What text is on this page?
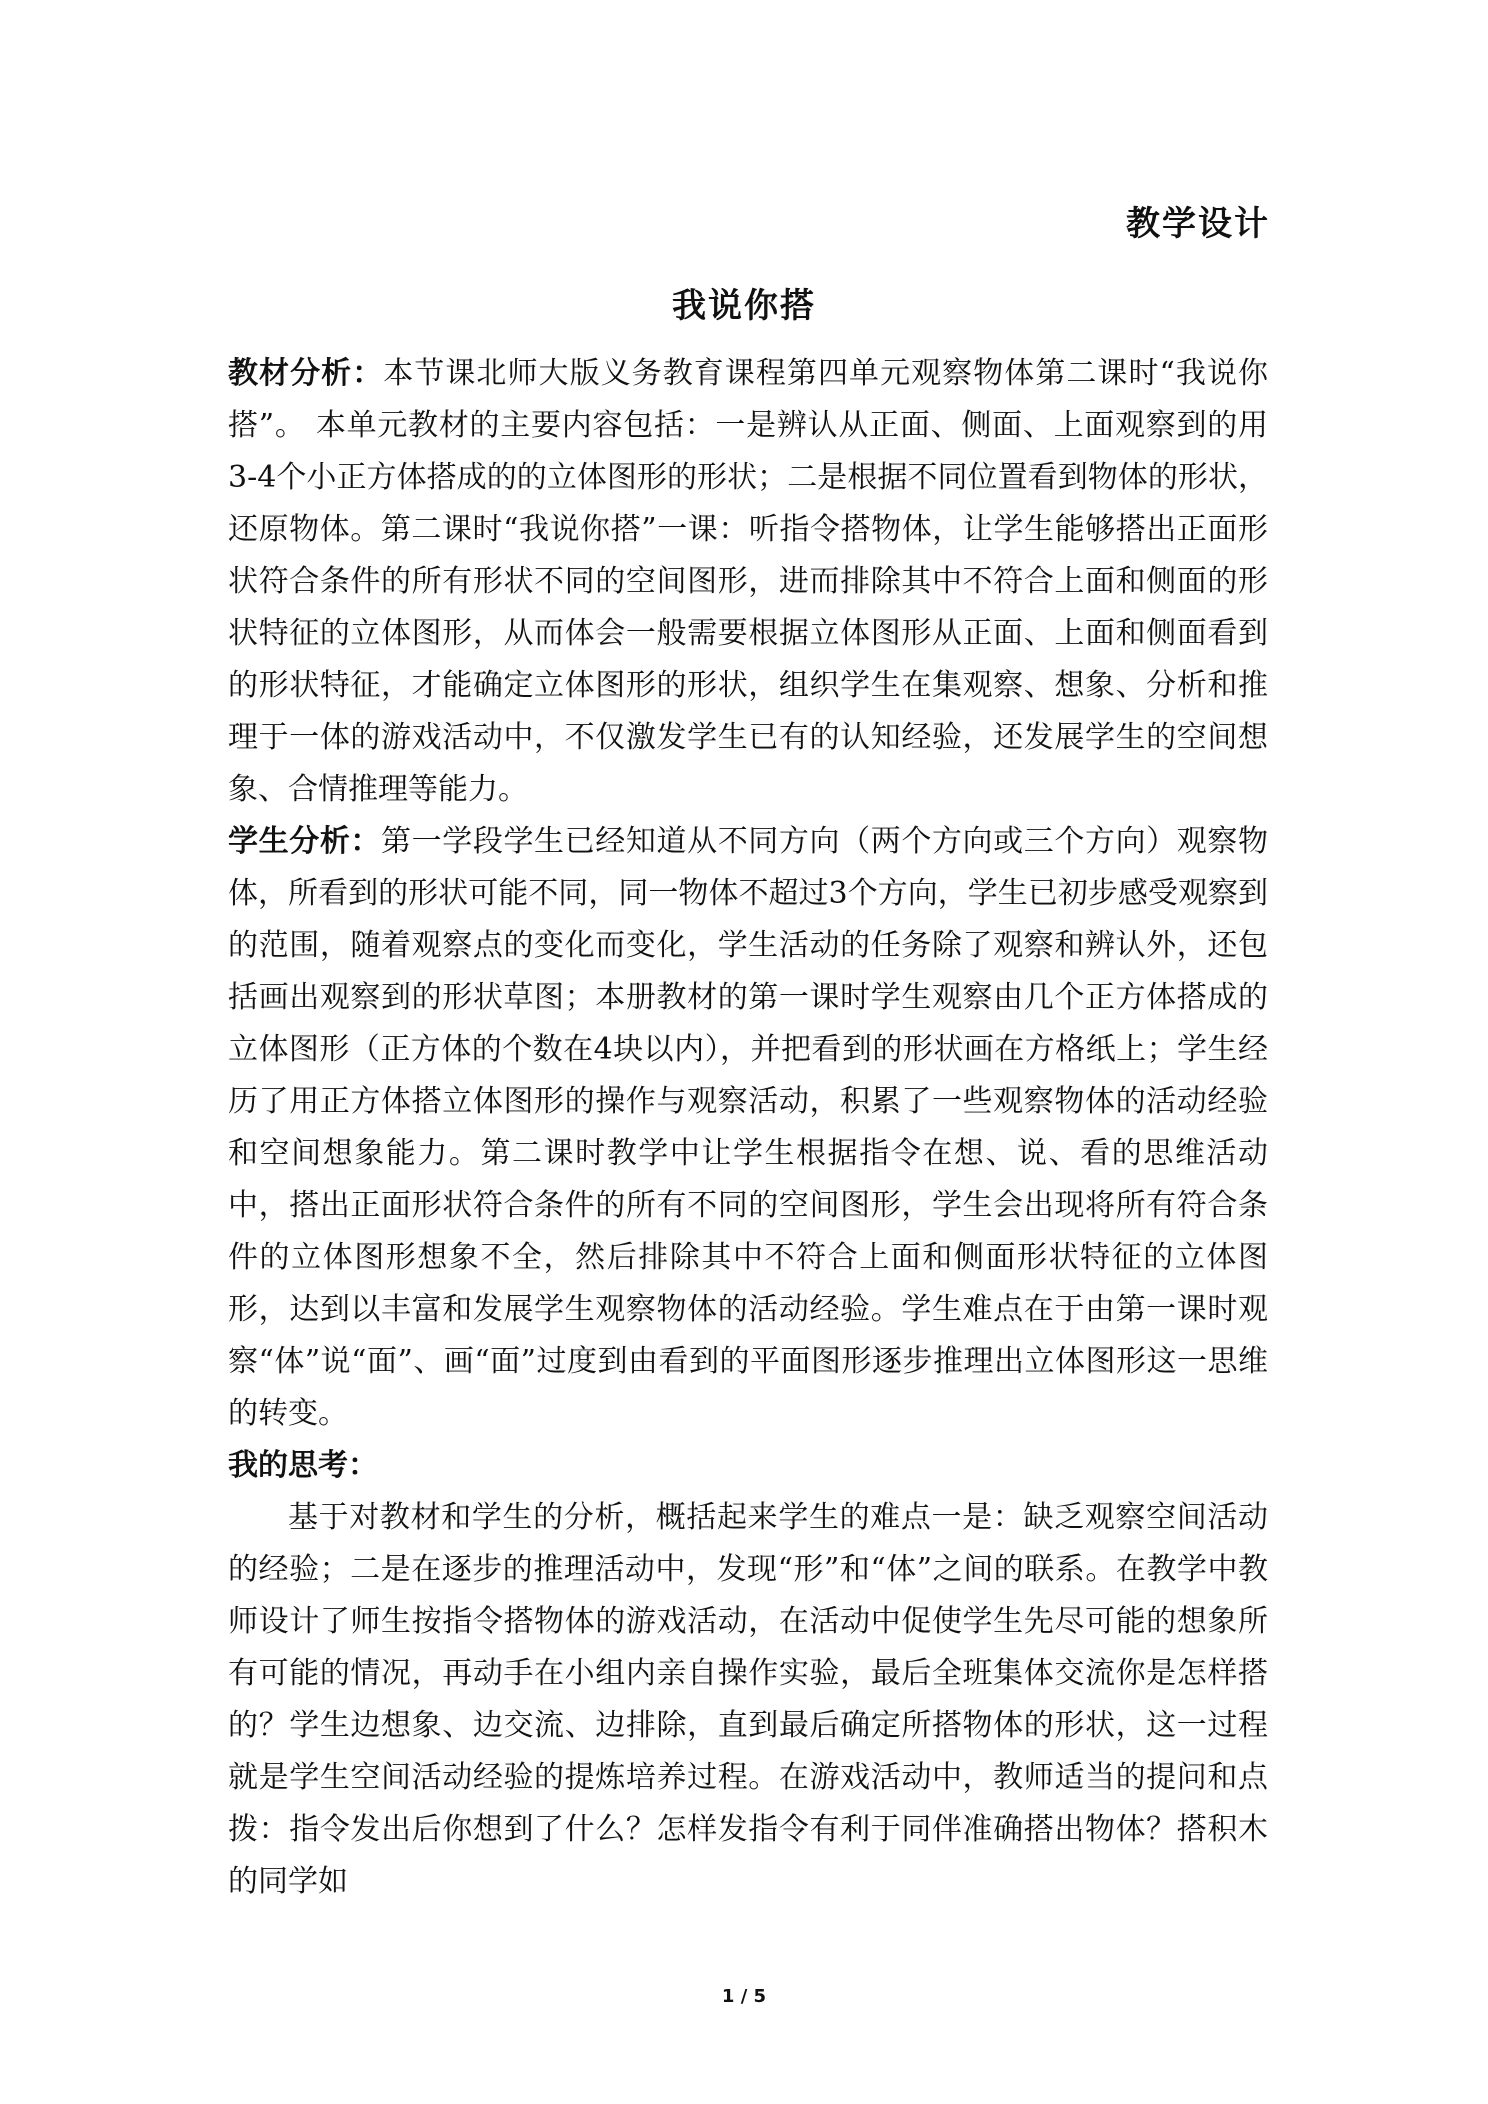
教学设计
我说你搭

教材分析：本节课北师大版义务教育课程第四单元观察物体第二课时“我说你搭”。 本单元教材的主要内容包括：一是辨认从正面、侧面、上面观察到的用3-4个小正方体搭成的的立体图形的形状；二是根据不同位置看到物体的形状，还原物体。第二课时“我说你搭”一课：听指令搭物体，让学生能够搭出正面形状符合条件的所有形状不同的空间图形，进而排除其中不符合上面和侧面的形状特征的立体图形，从而体会一般需要根据立体图形从正面、上面和侧面看到的形状特征，才能确定立体图形的形状，组织学生在集观察、想象、分析和推理于一体的游戏活动中，不仅激发学生已有的认知经验，还发展学生的空间想象、合情推理等能力。

学生分析：第一学段学生已经知道从不同方向（两个方向或三个方向）观察物体，所看到的形状可能不同，同一物体不超过3个方向，学生已初步感受观察到的范围，随着观察点的变化而变化，学生活动的任务除了观察和辨认外，还包括画出观察到的形状草图；本册教材的第一课时学生观察由几个正方体搭成的立体图形（正方体的个数在4块以内），并把看到的形状画在方格纸上；学生经历了用正方体搭立体图形的操作与观察活动，积累了一些观察物体的活动经验和空间想象能力。第二课时教学中让学生根据指令在想、说、看的思维活动中，搭出正面形状符合条件的所有不同的空间图形，学生会出现将所有符合条件的立体图形想象不全，然后排除其中不符合上面和侧面形状特征的立体图形，达到以丰富和发展学生观察物体的活动经验。学生难点在于由第一课时观察“体”说“面”、画“面”过度到由看到的平面图形逐步推理出立体图形这一思维的转变。

我的思考：

基于对教材和学生的分析，概括起来学生的难点一是：缺乏观察空间活动的经验；二是在逐步的推理活动中，发现“形”和“体”之间的联系。在教学中教师设计了师生按指令搭物体的游戏活动，在活动中促使学生先尽可能的想象所有可能的情况，再动手在小组内亲自操作实验，最后全班集体交流你是怎样搭的？学生边想象、边交流、边排除，直到最后确定所搭物体的形状，这一过程就是学生空间活动经验的提炼培养过程。在游戏活动中，教师适当的提问和点拨：指令发出后你想到了什么？怎样发指令有利于同伴准确搭出物体？搭积木的同学如

1 / 5
